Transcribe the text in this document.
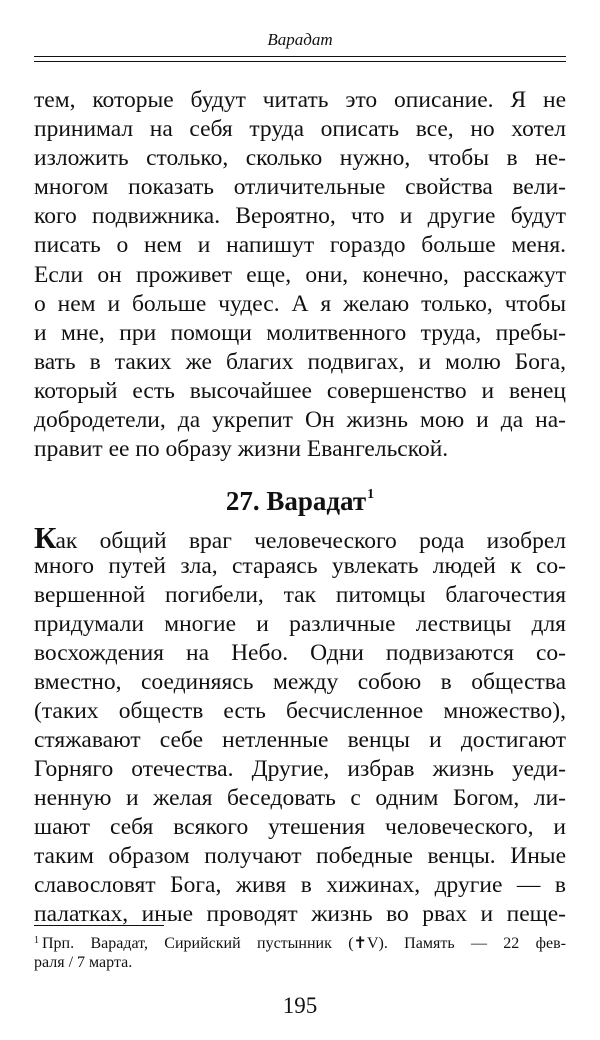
Варадат
тем, которые будут читать это описание. Я не
принимал на себя труда описать все, но хотел
изложить столько, сколько нужно, чтобы в не-
многом показать отличительные свойства вели-
кого подвижника. Вероятно, что и другие будут
писать о нем и напишут гораздо больше меня.
Если он проживет еще, они, конечно, расскажут
о нем и больше чудес. А я желаю только, чтобы
и мне, при помощи молитвенного труда, пребы-
вать в таких же благих подвигах, и молю Бога,
который есть высочайшее совершенство и венец
добродетели, да укрепит Он жизнь мою и да на-
правит ее по образу жизни Евангельской.
27. Варадат$^1$
Как общий враг человеческого рода изобрел
много путей зла, стараясь увлекать людей к со-
вершенной погибели, так питомцы благочестия
придумали многие и различные лествицы для
восхождения на Небо. Одни подвизаются со-
вместно, соединяясь между собою в общества
(таких обществ есть бесчисленное множество),
стяжавают себе нетленные венцы и достигают
Горняго отечества. Другие, избрав жизнь уеди-
ненную и желая беседовать с одним Богом, ли-
шают себя всякого утешения человеческого, и
таким образом получают победные венцы. Иные
славословят Бога, живя в хижинах, другие — в
палатках, иные проводят жизнь во рвах и пеще-
$^1$ Прп. Варадат, Сирийский пустынник (✝V). Память — 22 фев-
раля / 7 марта.
195
